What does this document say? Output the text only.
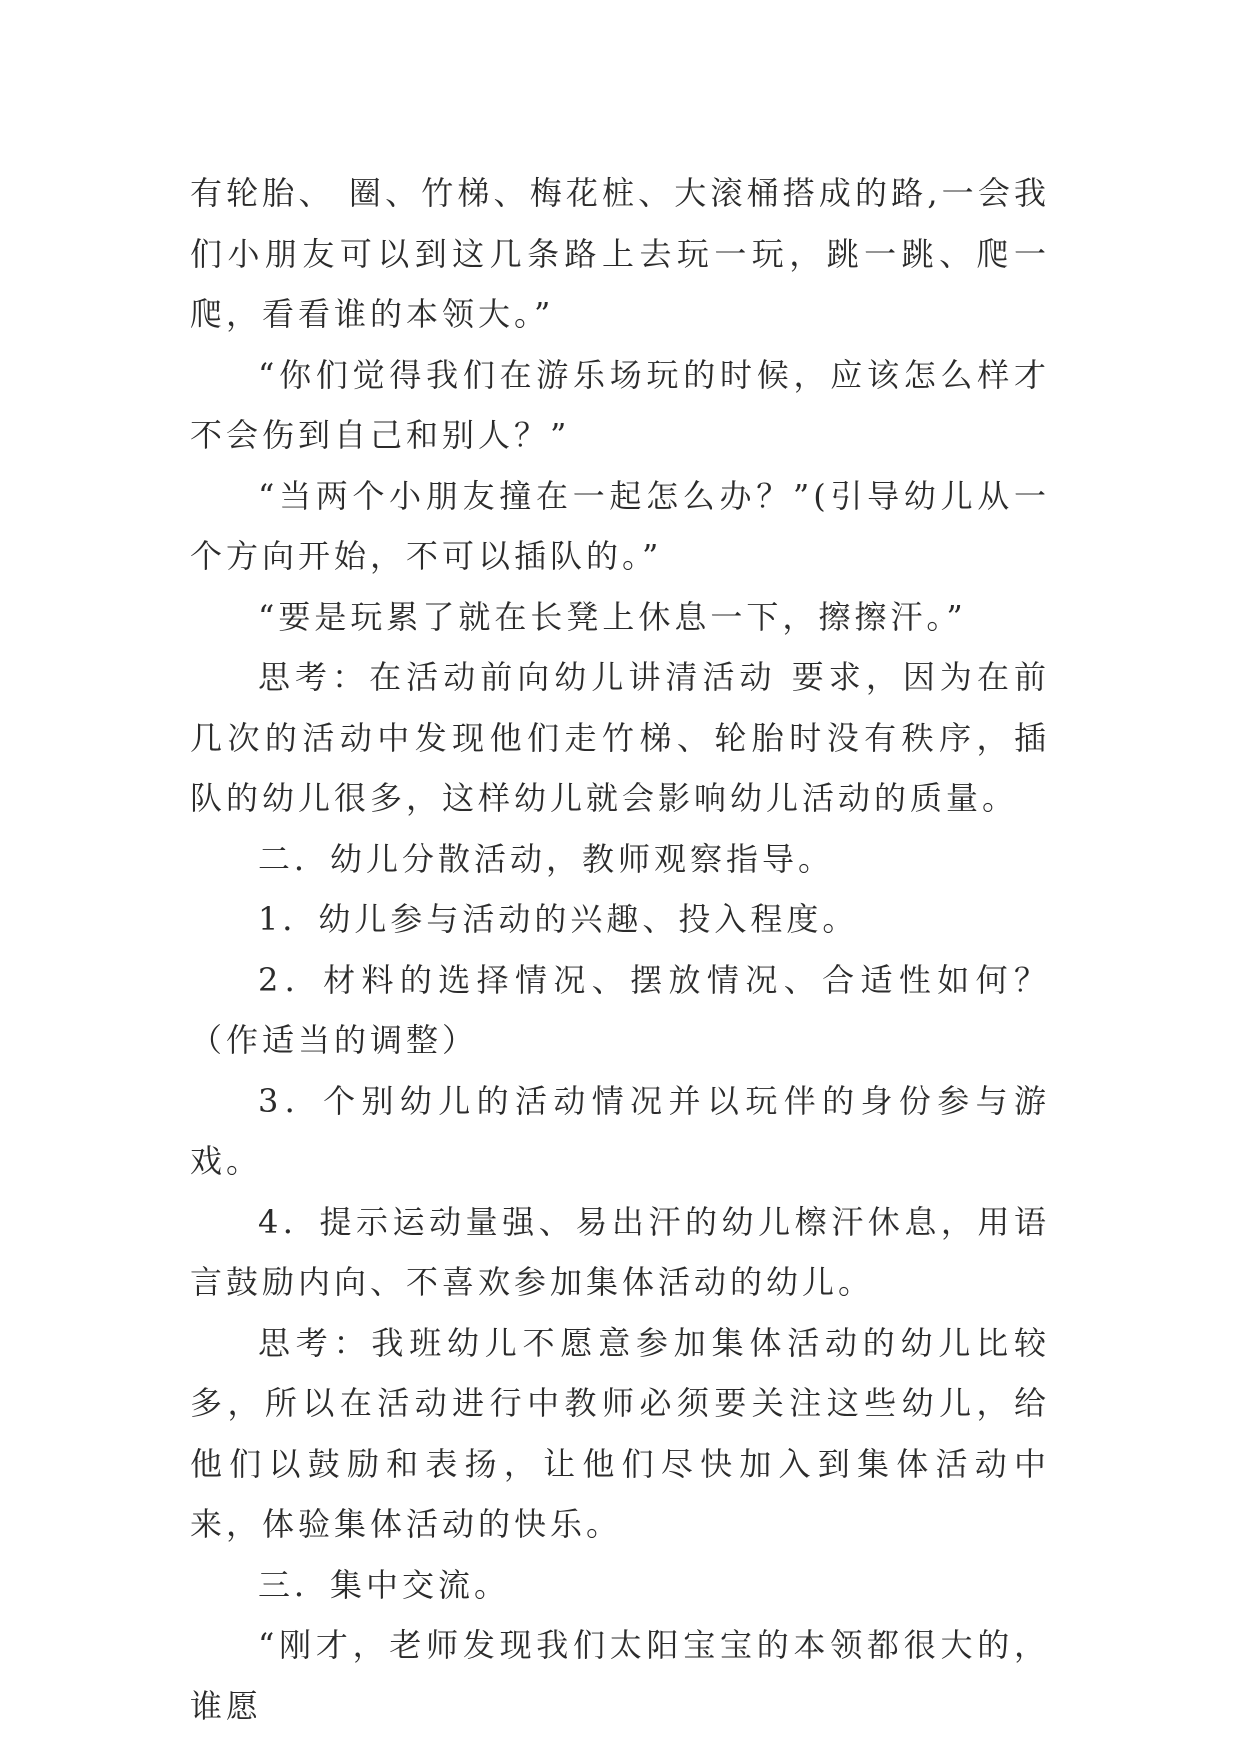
有轮胎、 圈、竹梯、梅花桩、大滚桶搭成的路,一会我们小朋友可以到这几条路上去玩一玩，跳一跳、爬一爬，看看谁的本领大。”

“你们觉得我们在游乐场玩的时候，应该怎么样才不会伤到自己和别人？”

“当两个小朋友撞在一起怎么办？”(引导幼儿从一个方向开始，不可以插队的。”

“要是玩累了就在长凳上休息一下，擦擦汗。”

思考：在活动前向幼儿讲清活动 要求，因为在前几次的活动中发现他们走竹梯、轮胎时没有秩序，插队的幼儿很多，这样幼儿就会影响幼儿活动的质量。

二．幼儿分散活动，教师观察指导。

1．幼儿参与活动的兴趣、投入程度。

2．材料的选择情况、摆放情况、合适性如何？（作适当的调整）

3．个别幼儿的活动情况并以玩伴的身份参与游戏。

4．提示运动量强、易出汗的幼儿檫汗休息，用语言鼓励内向、不喜欢参加集体活动的幼儿。

思考：我班幼儿不愿意参加集体活动的幼儿比较多，所以在活动进行中教师必须要关注这些幼儿，给他们以鼓励和表扬，让他们尽快加入到集体活动中来，体验集体活动的快乐。

三．集中交流。

“刚才，老师发现我们太阳宝宝的本领都很大的，谁愿
